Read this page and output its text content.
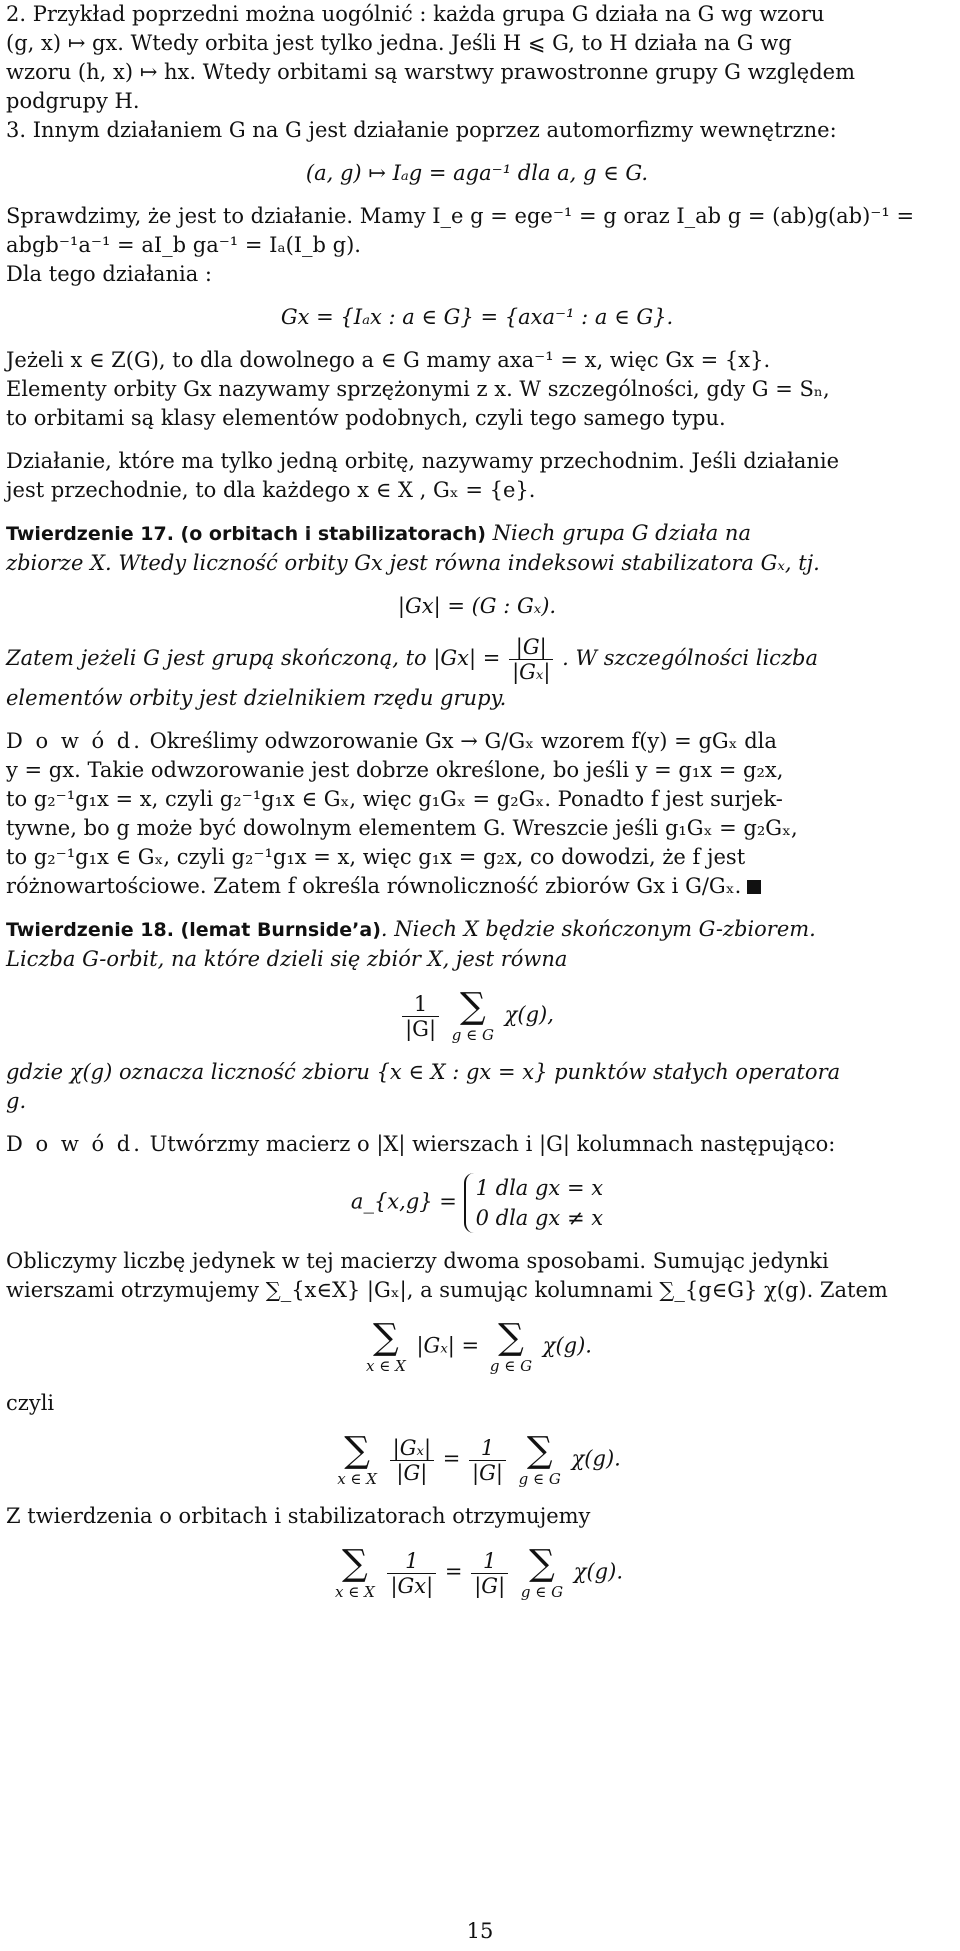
2. Przykład poprzedni można uogólnić : każda grupa G działa na G wg wzoru

(g, x) ↦ gx. Wtedy orbita jest tylko jedna. Jeśli H ⩽ G, to H działa na G wg

wzoru (h, x) ↦ hx. Wtedy orbitami są warstwy prawostronne grupy G względem

podgrupy H.

3. Innym działaniem G na G jest działanie poprzez automorfizmy wewnętrzne:

(a, g) ↦ Iₐg = aga⁻¹ dla a, g ∈ G.

Sprawdzimy, że jest to działanie. Mamy I_e g = ege⁻¹ = g oraz I_ab g = (ab)g(ab)⁻¹ =

abgb⁻¹a⁻¹ = aI_b ga⁻¹ = Iₐ(I_b g).

Dla tego działania :

Gx = {Iₐx : a ∈ G} = {axa⁻¹ : a ∈ G}.

Jeżeli x ∈ Z(G), to dla dowolnego a ∈ G mamy axa⁻¹ = x, więc Gx = {x}.

Elementy orbity Gx nazywamy sprzężonymi z x. W szczególności, gdy G = Sₙ,

to orbitami są klasy elementów podobnych, czyli tego samego typu.

Działanie, które ma tylko jedną orbitę, nazywamy przechodnim. Jeśli działanie

jest przechodnie, to dla każdego x ∈ X , Gₓ = {e}.

Twierdzenie 17. (o orbitach i stabilizatorach) Niech grupa G działa na

zbiorze X. Wtedy liczność orbity Gx jest równa indeksowi stabilizatora Gₓ, tj.

|Gx| = (G : Gₓ).

Zatem jeżeli G jest grupą skończoną, to $|Gx| = \frac{|G|}{\text{|Gₓ|}}$ . W szczególności liczba

elementów orbity jest dzielnikiem rzędu grupy.

D o w ó d. Określimy odwzorowanie Gx → G/Gₓ wzorem f(y) = gGₓ dla

y = gx. Takie odwzorowanie jest dobrze określone, bo jeśli y = g₁x = g₂x,

to g₂⁻¹g₁x = x, czyli g₂⁻¹g₁x ∈ Gₓ, więc g₁Gₓ = g₂Gₓ. Ponadto f jest surjek-

tywne, bo g może być dowolnym elementem G. Wreszcie jeśli g₁Gₓ = g₂Gₓ,

to g₂⁻¹g₁x ∈ Gₓ, czyli g₂⁻¹g₁x = x, więc g₁x = g₂x, co dowodzi, że f jest

różnowartościowe. Zatem f określa równoliczność zbiorów Gx i G/Gₓ.

Twierdzenie 18. (lemat Burnside’a). Niech X będzie skończonym G-zbiorem.

Liczba G-orbit, na które dzieli się zbiór X, jest równa

$\frac{1}{|G|}$
∑
g ∈ G
χ(g),

gdzie χ(g) oznacza liczność zbioru {x ∈ X : gx = x} punktów stałych operatora

g.

D o w ó d. Utwórzmy macierz o |X| wierszach i |G| kolumnach następująco:

a_{x,g} =
1 dla gx = x
0 dla gx ≠ x

Obliczymy liczbę jedynek w tej macierzy dwoma sposobami. Sumując jedynki

wierszami otrzymujemy ∑_{x∈X} |Gₓ|, a sumując kolumnami ∑_{g∈G} χ(g). Zatem

∑
x ∈ X
|Gₓ| = ∑
g ∈ G
χ(g).

czyli

∑
x ∈ X
$\frac{\text{|Gₓ|}}{|G|} = \frac{1}{|G|}$
∑
g ∈ G
χ(g).

Z twierdzenia o orbitach i stabilizatorach otrzymujemy

∑
x ∈ X
$\frac{1}{|Gx|} = \frac{1}{|G|}$
∑
g ∈ G
χ(g).
15
